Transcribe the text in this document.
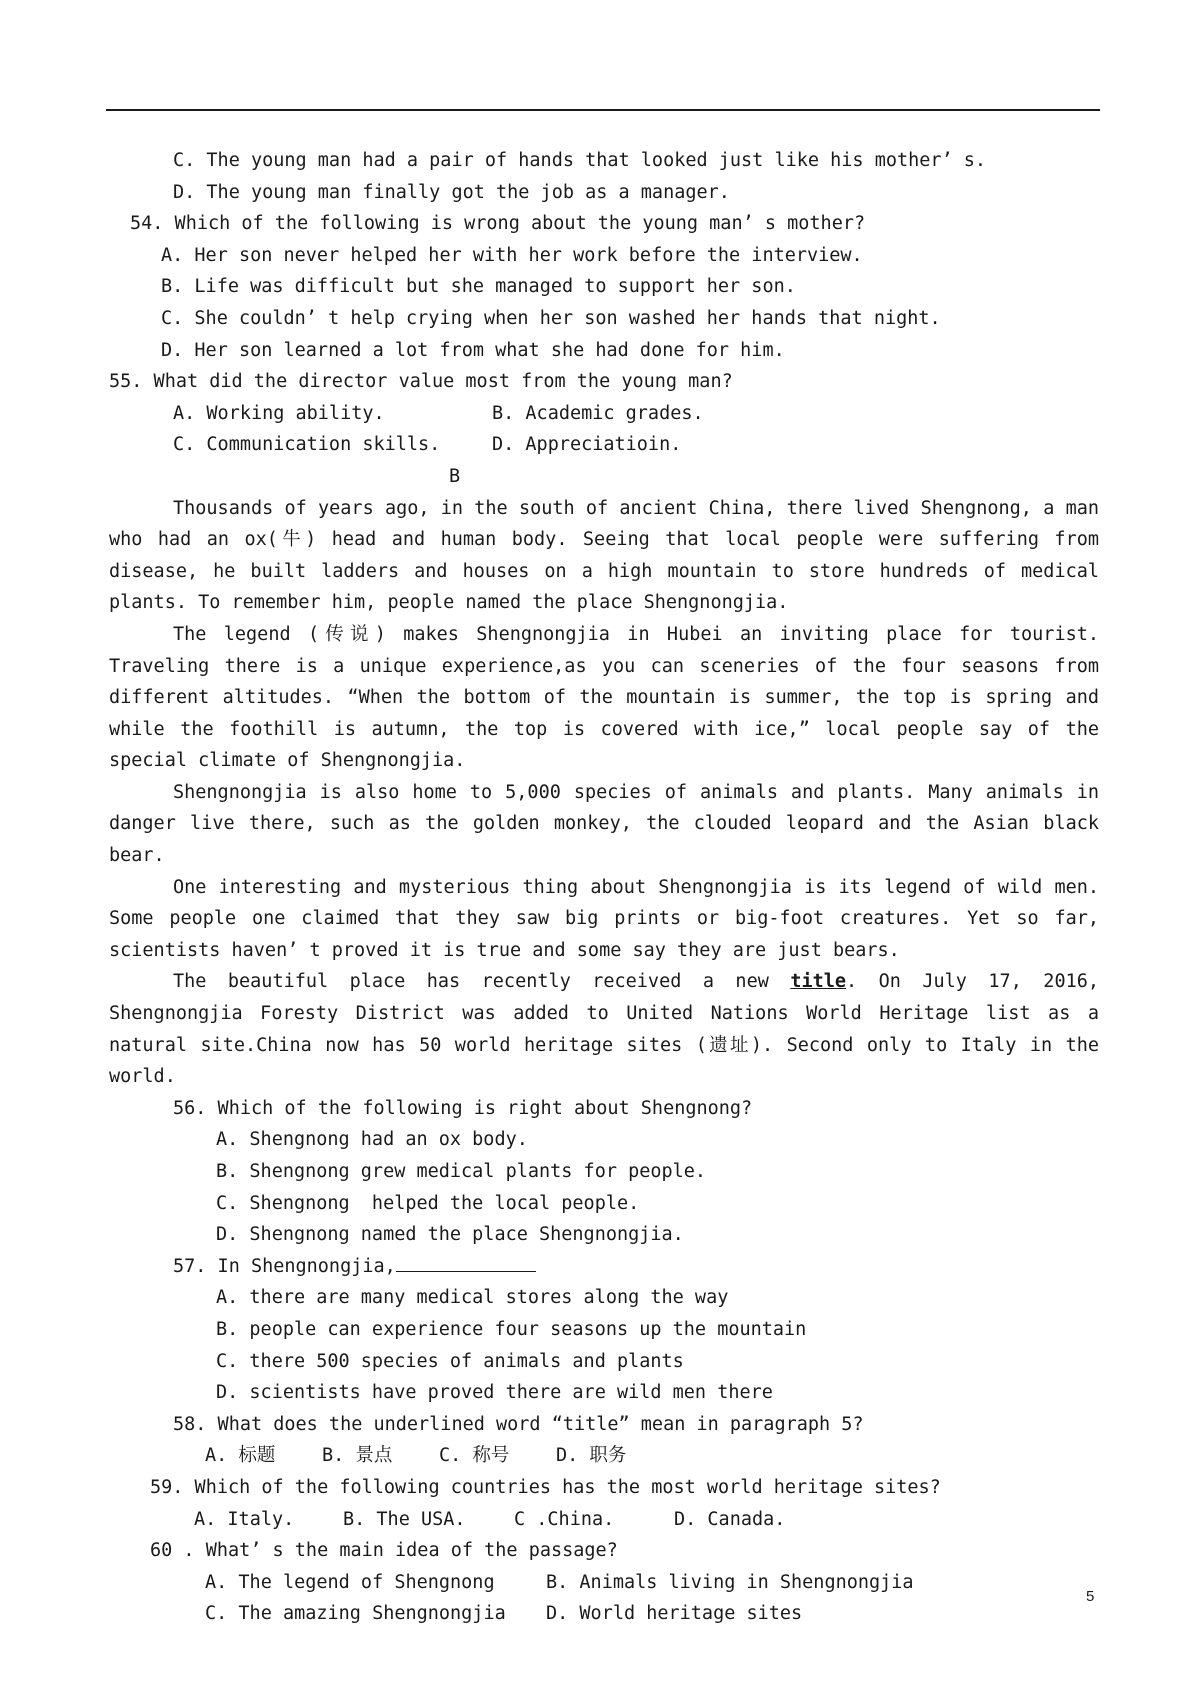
C. The young man had a pair of hands that looked just like his mother’ s.
D. The young man finally got the job as a manager.
54. Which of the following is wrong about the young man’ s mother?
A. Her son never helped her with her work before the interview.
B. Life was difficult but she managed to support her son.
C. She couldn’ t help crying when her son washed her hands that night.
D. Her son learned a lot from what she had done for him.
55. What did the director value most from the young man?
A. Working ability.	B. Academic grades.
C. Communication skills.	D. Appreciatioin.
B
Thousands of years ago, in the south of ancient China, there lived Shengnong, a man who had an ox(牛) head and human body. Seeing that local people were suffering from disease, he built ladders and houses on a high mountain to store hundreds of medical plants. To remember him, people named the place Shengnongjia.
The legend (传说) makes Shengnongjia in Hubei an inviting place for tourist. Traveling there is a unique experience,as you can sceneries of the four seasons from different altitudes. “When the bottom of the mountain is summer, the top is spring and while the foothill is autumn, the top is covered with ice,” local people say of the special climate of Shengnongjia.
Shengnongjia is also home to 5,000 species of animals and plants. Many animals in danger live there, such as the golden monkey, the clouded leopard and the Asian black bear.
One interesting and mysterious thing about Shengnongjia is its legend of wild men. Some people one claimed that they saw big prints or big-foot creatures. Yet so far, scientists haven’ t proved it is true and some say they are just bears.
The beautiful place has recently received a new title. On July 17, 2016, Shengnongjia Foresty District was added to United Nations World Heritage list as a natural site.China now has 50 world heritage sites (遗址). Second only to Italy in the world.
56. Which of the following is right about Shengnong?
A. Shengnong had an ox body.
B. Shengnong grew medical plants for people.
C. Shengnong  helped the local people.
D. Shengnong named the place Shengnongjia.
57. In Shengnongjia,
A. there are many medical stores along the way
B. people can experience four seasons up the mountain
C. there 500 species of animals and plants
D. scientists have proved there are wild men there
58. What does the underlined word “title” mean in paragraph 5?
A. 标题	B. 景点	C. 称号	D. 职务
59. Which of the following countries has the most world heritage sites?
A. Italy.	B. The USA.	C .China.	D. Canada.
60 . What’ s the main idea of the passage?
A. The legend of Shengnong	B. Animals living in Shengnongjia
C. The amazing Shengnongjia D. World heritage sites
5
